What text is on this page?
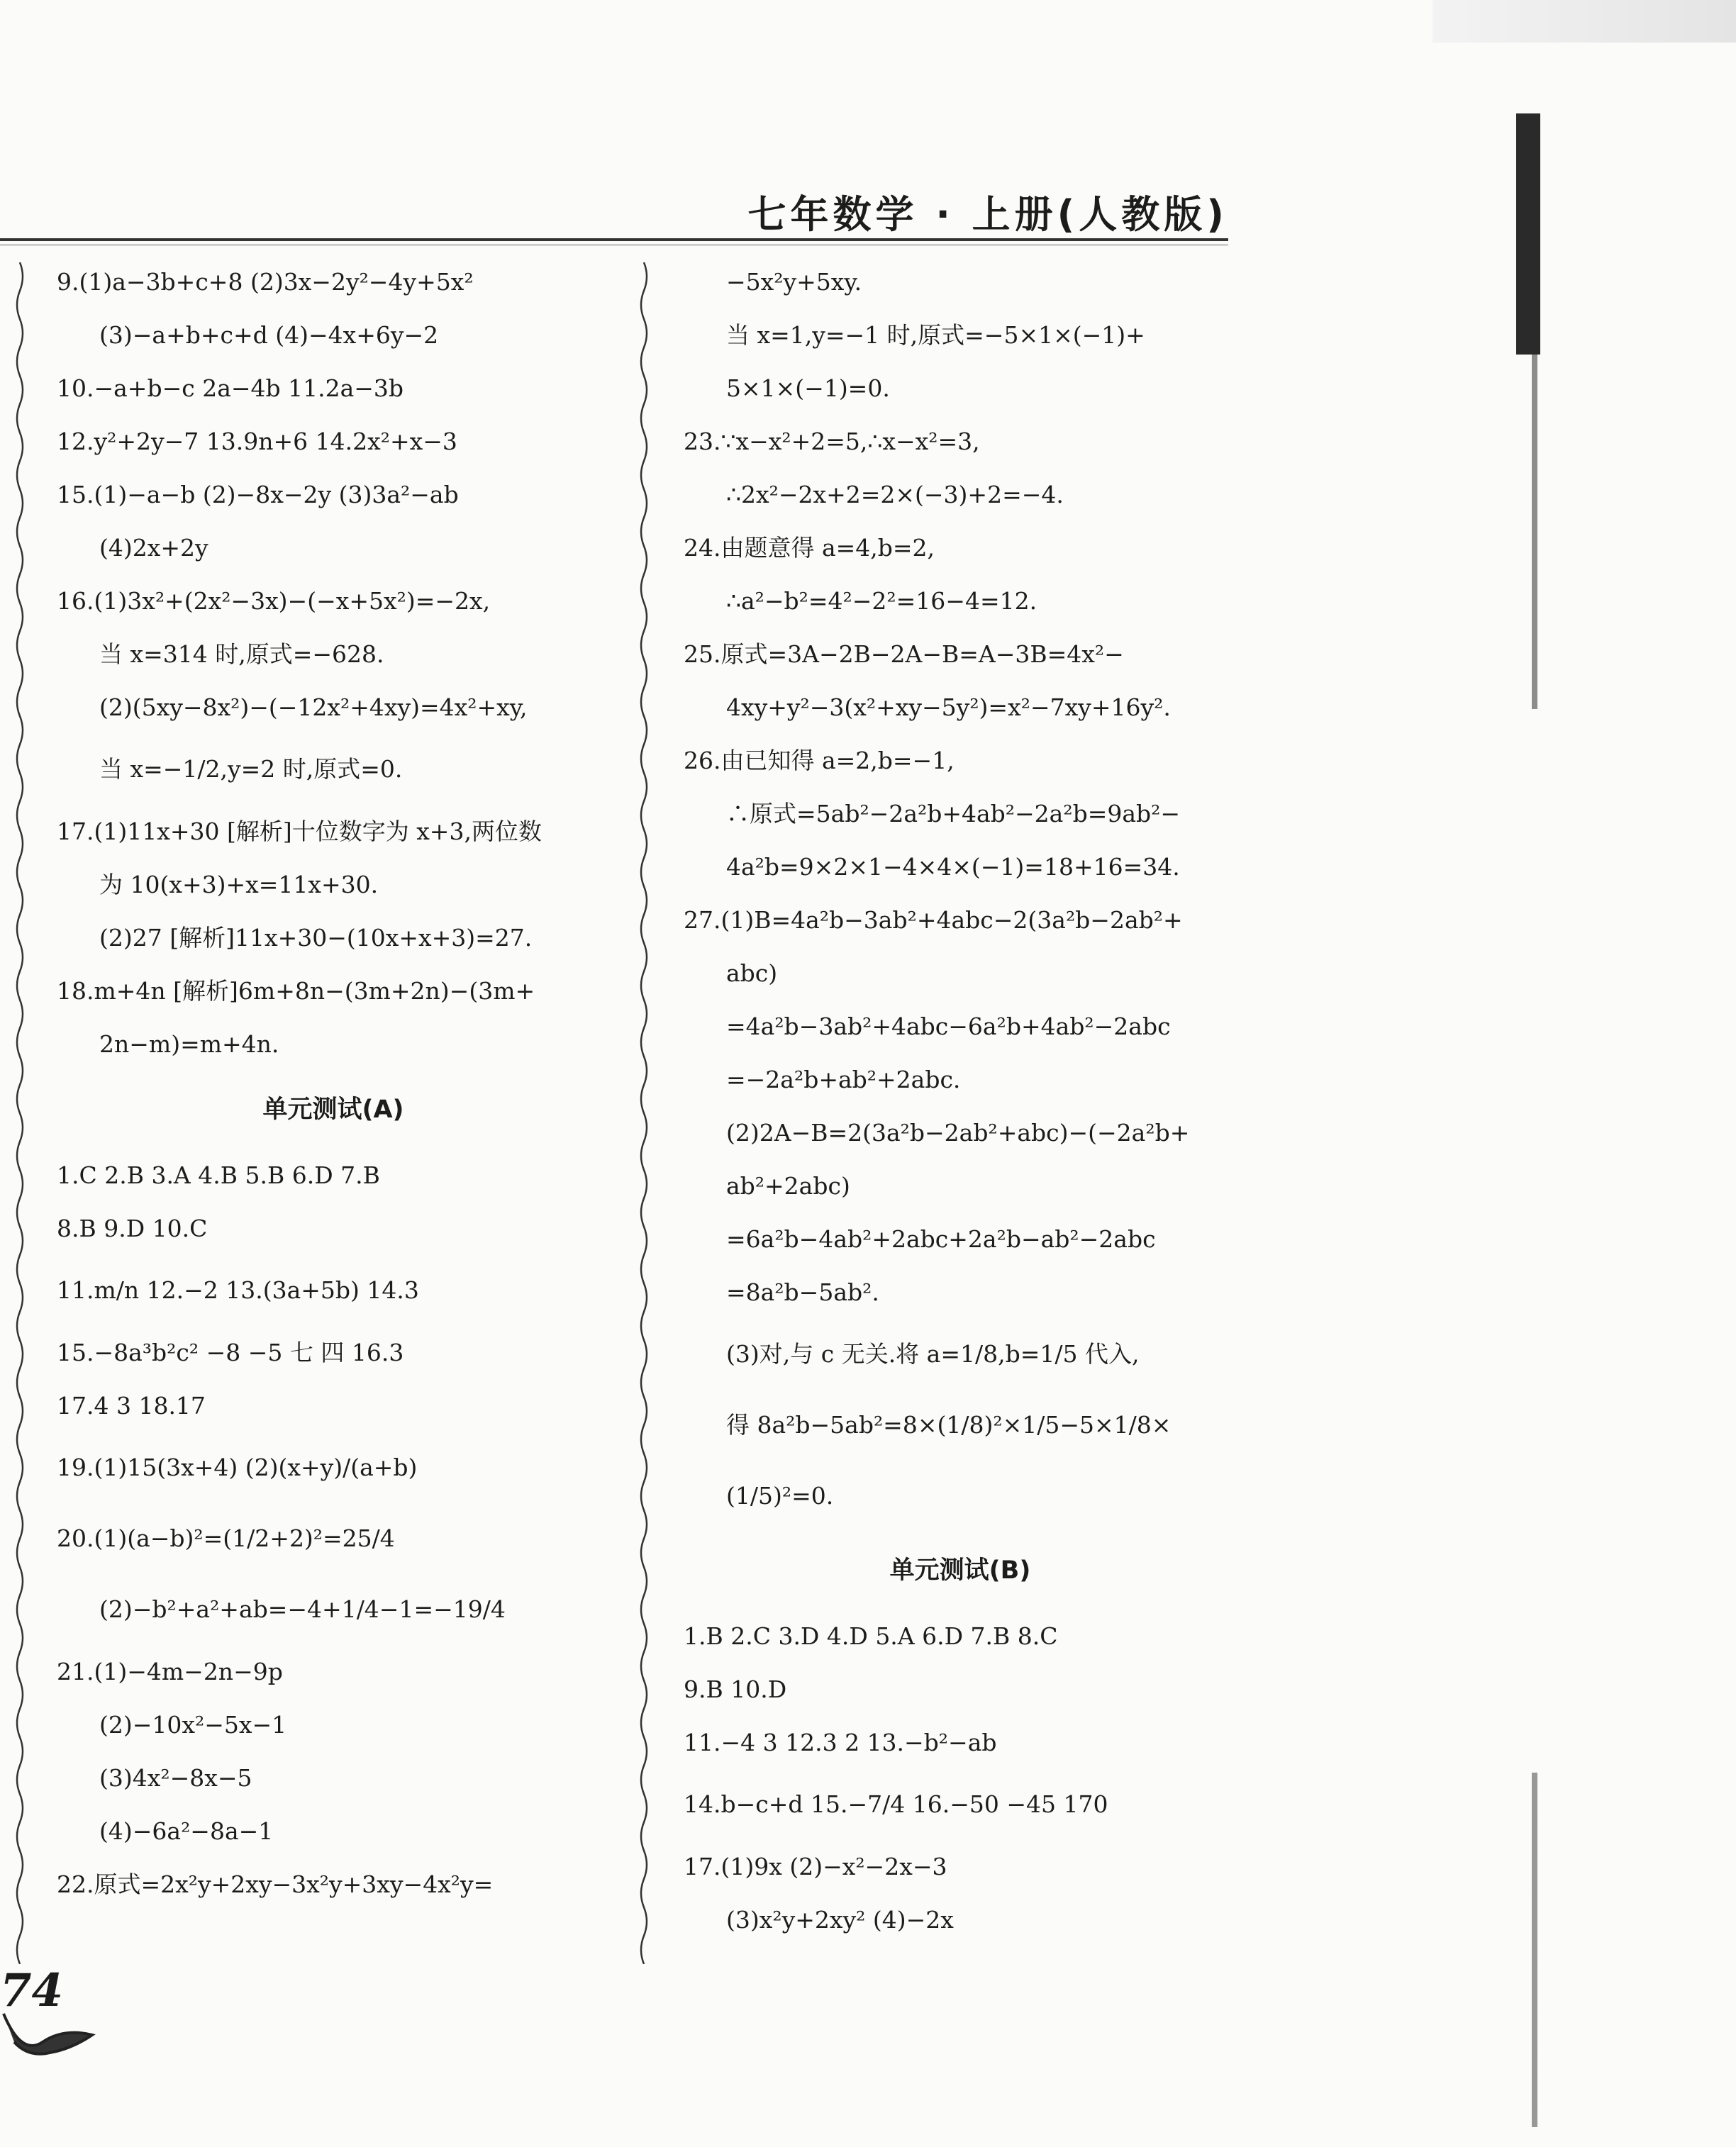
七年数学 · 上册(人教版)
9.(1)a−3b+c+8 (2)3x−2y²−4y+5x²
(3)−a+b+c+d (4)−4x+6y−2
10.−a+b−c 2a−4b 11.2a−3b
12.y²+2y−7 13.9n+6 14.2x²+x−3
15.(1)−a−b (2)−8x−2y (3)3a²−ab
(4)2x+2y
16.(1)3x²+(2x²−3x)−(−x+5x²)=−2x,
当 x=314 时,原式=−628.
(2)(5xy−8x²)−(−12x²+4xy)=4x²+xy,
当 x=−1/2,y=2 时,原式=0.
17.(1)11x+30 [解析]十位数字为 x+3,两位数
为 10(x+3)+x=11x+30.
(2)27 [解析]11x+30−(10x+x+3)=27.
18.m+4n [解析]6m+8n−(3m+2n)−(3m+
2n−m)=m+4n.
单元测试(A)
1.C 2.B 3.A 4.B 5.B 6.D 7.B
8.B 9.D 10.C
11.m/n 12.−2 13.(3a+5b) 14.3
15.−8a³b²c² −8 −5 七 四 16.3
17.4 3 18.17
19.(1)15(3x+4) (2)(x+y)/(a+b)
20.(1)(a−b)²=(1/2+2)²=25/4
(2)−b²+a²+ab=−4+1/4−1=−19/4
21.(1)−4m−2n−9p
(2)−10x²−5x−1
(3)4x²−8x−5
(4)−6a²−8a−1
22.原式=2x²y+2xy−3x²y+3xy−4x²y=
−5x²y+5xy.
当 x=1,y=−1 时,原式=−5×1×(−1)+
5×1×(−1)=0.
23.∵x−x²+2=5,∴x−x²=3,
∴2x²−2x+2=2×(−3)+2=−4.
24.由题意得 a=4,b=2,
∴a²−b²=4²−2²=16−4=12.
25.原式=3A−2B−2A−B=A−3B=4x²−
4xy+y²−3(x²+xy−5y²)=x²−7xy+16y².
26.由已知得 a=2,b=−1,
∴原式=5ab²−2a²b+4ab²−2a²b=9ab²−
4a²b=9×2×1−4×4×(−1)=18+16=34.
27.(1)B=4a²b−3ab²+4abc−2(3a²b−2ab²+
abc)
=4a²b−3ab²+4abc−6a²b+4ab²−2abc
=−2a²b+ab²+2abc.
(2)2A−B=2(3a²b−2ab²+abc)−(−2a²b+
ab²+2abc)
=6a²b−4ab²+2abc+2a²b−ab²−2abc
=8a²b−5ab².
(3)对,与 c 无关.将 a=1/8,b=1/5 代入,
得 8a²b−5ab²=8×(1/8)²×1/5−5×1/8×
(1/5)²=0.
单元测试(B)
1.B 2.C 3.D 4.D 5.A 6.D 7.B 8.C
9.B 10.D
11.−4 3 12.3 2 13.−b²−ab
14.b−c+d 15.−7/4 16.−50 −45 170
17.(1)9x (2)−x²−2x−3
(3)x²y+2xy² (4)−2x
74
